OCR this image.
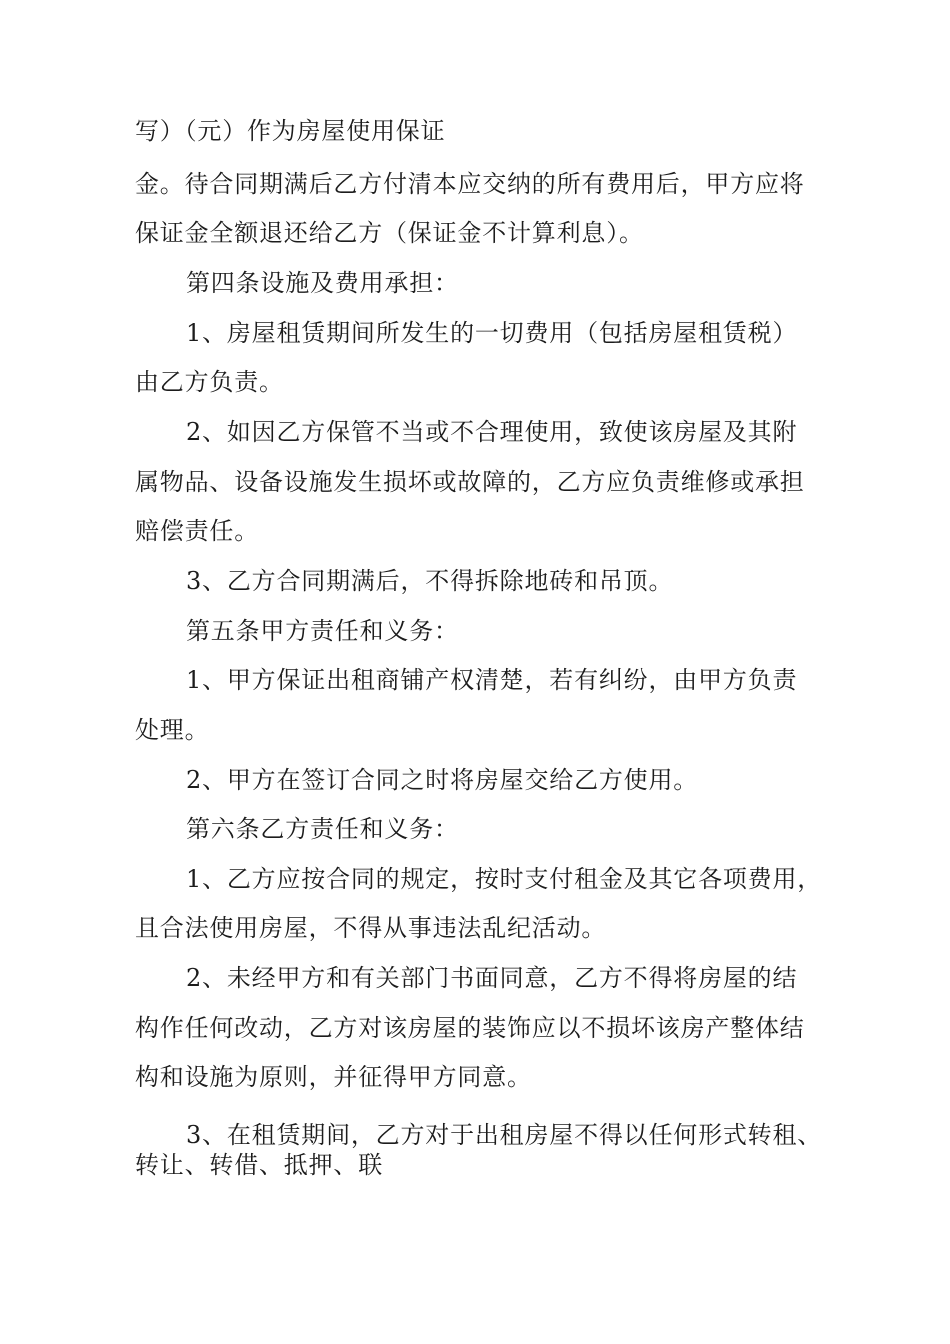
写）（元）作为房屋使用保证
金。待合同期满后乙方付清本应交纳的所有费用后，甲方应将
保证金全额退还给乙方（保证金不计算利息）。
第四条设施及费用承担：
1、房屋租赁期间所发生的一切费用（包括房屋租赁税）
由乙方负责。
2、如因乙方保管不当或不合理使用，致使该房屋及其附
属物品、设备设施发生损坏或故障的，乙方应负责维修或承担
赔偿责任。
3、乙方合同期满后，不得拆除地砖和吊顶。
第五条甲方责任和义务：
1、甲方保证出租商铺产权清楚，若有纠纷，由甲方负责
处理。
2、甲方在签订合同之时将房屋交给乙方使用。
第六条乙方责任和义务：
1、乙方应按合同的规定，按时支付租金及其它各项费用，
且合法使用房屋，不得从事违法乱纪活动。
2、未经甲方和有关部门书面同意，乙方不得将房屋的结
构作任何改动，乙方对该房屋的装饰应以不损坏该房产整体结
构和设施为原则，并征得甲方同意。
3、在租赁期间，乙方对于出租房屋不得以任何形式转租、
转让、转借、抵押、联
